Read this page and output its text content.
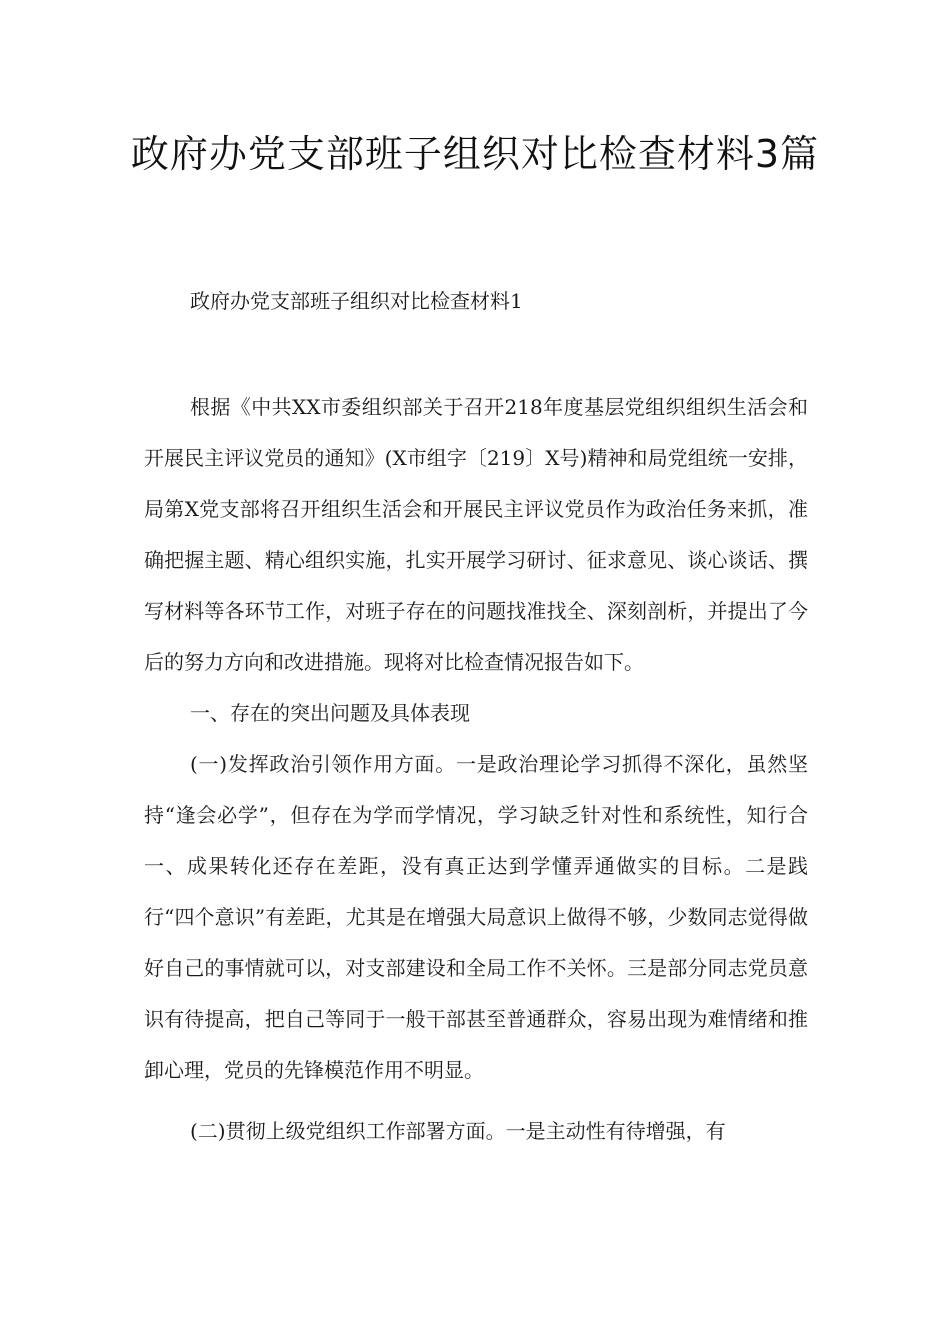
政府办党支部班子组织对比检查材料3篇

政府办党支部班子组织对比检查材料1

根据《中共XX市委组织部关于召开218年度基层党组织组织生活会和开展民主评议党员的通知》(X市组字〔219〕X号)精神和局党组统一安排，局第X党支部将召开组织生活会和开展民主评议党员作为政治任务来抓，准确把握主题、精心组织实施，扎实开展学习研讨、征求意见、谈心谈话、撰写材料等各环节工作，对班子存在的问题找准找全、深刻剖析，并提出了今后的努力方向和改进措施。现将对比检查情况报告如下。

一、存在的突出问题及具体表现

(一)发挥政治引领作用方面。一是政治理论学习抓得不深化，虽然坚持“逢会必学”，但存在为学而学情况，学习缺乏针对性和系统性，知行合一、成果转化还存在差距，没有真正达到学懂弄通做实的目标。二是践行“四个意识”有差距，尤其是在增强大局意识上做得不够，少数同志觉得做好自己的事情就可以，对支部建设和全局工作不关怀。三是部分同志党员意识有待提高，把自己等同于一般干部甚至普通群众，容易出现为难情绪和推卸心理，党员的先锋模范作用不明显。

(二)贯彻上级党组织工作部署方面。一是主动性有待增强，有
